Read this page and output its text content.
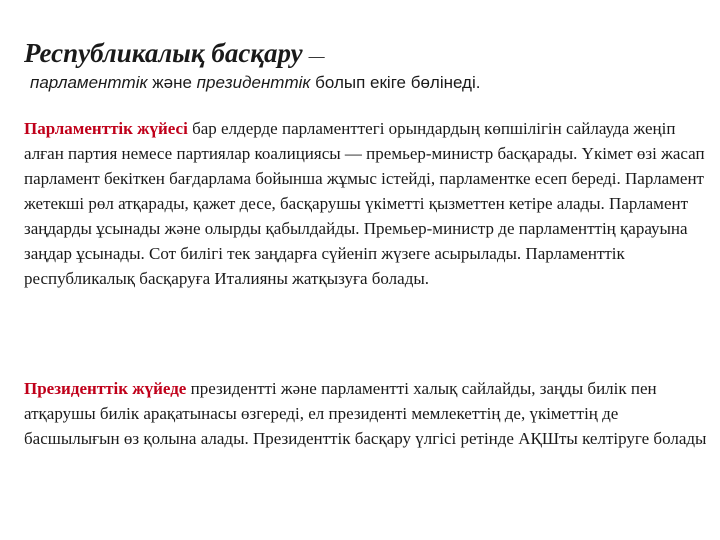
Республикалық басқару —
парламенттік және президенттік болып екіге бөлінеді.
Парламенттік жүйесі бар елдерде парламенттегі орындардың көпшілігін сайлауда жеңіп алған партия немесе партиялар коалициясы — премьер-министр басқарады. Үкімет өзі жасап парламент бекіткен бағдарлама бойынша жұмыс істейді, парламентке есеп береді. Парламент жетекші рөл атқарады, қажет десе, басқарушы үкіметті қызметтен кетіре алады. Парламент заңдарды ұсынады және олырды қабылдайды. Премьер-министр де парламенттің қарауына заңдар ұсынады. Сот билігі тек заңдарға сүйеніп жүзеге асырылады. Парламенттік республикалық басқаруға Италияны жатқызуға болады.
Президенттік жүйеде президентті және парламентті халық сайлайды, заңды билік пен атқарушы билік арақатынасы өзгереді, ел президенті мемлекеттің де, үкіметтің де басшылығын өз қолына алады. Президенттік басқару үлгісі ретінде АҚШты келтіруге болады
